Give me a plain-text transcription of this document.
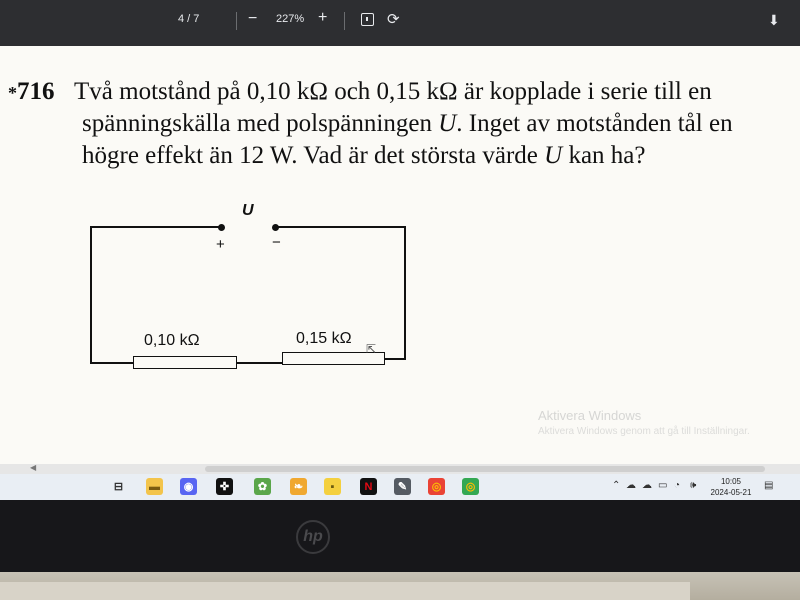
4 / 7	− 227% +	⟳	⬇
*716 Två motstånd på 0,10 kΩ och 0,15 kΩ är kopplade i serie till en
spänningskälla med polspänningen U. Inget av motstånden tål en
högre effekt än 12 W. Vad är det största värde U kan ha?
U
+	−
0,10 kΩ	0,15 kΩ
⇱
Aktivera Windows
Aktivera Windows genom att gå till Inställningar.
◀
⌃ ☁ ☁ ▭ ◔ 🕪	10:05
2024-05-21
▤
⊟	▬	◉	✜	✿	❧	▪	N	✎	◎	◎
hp
